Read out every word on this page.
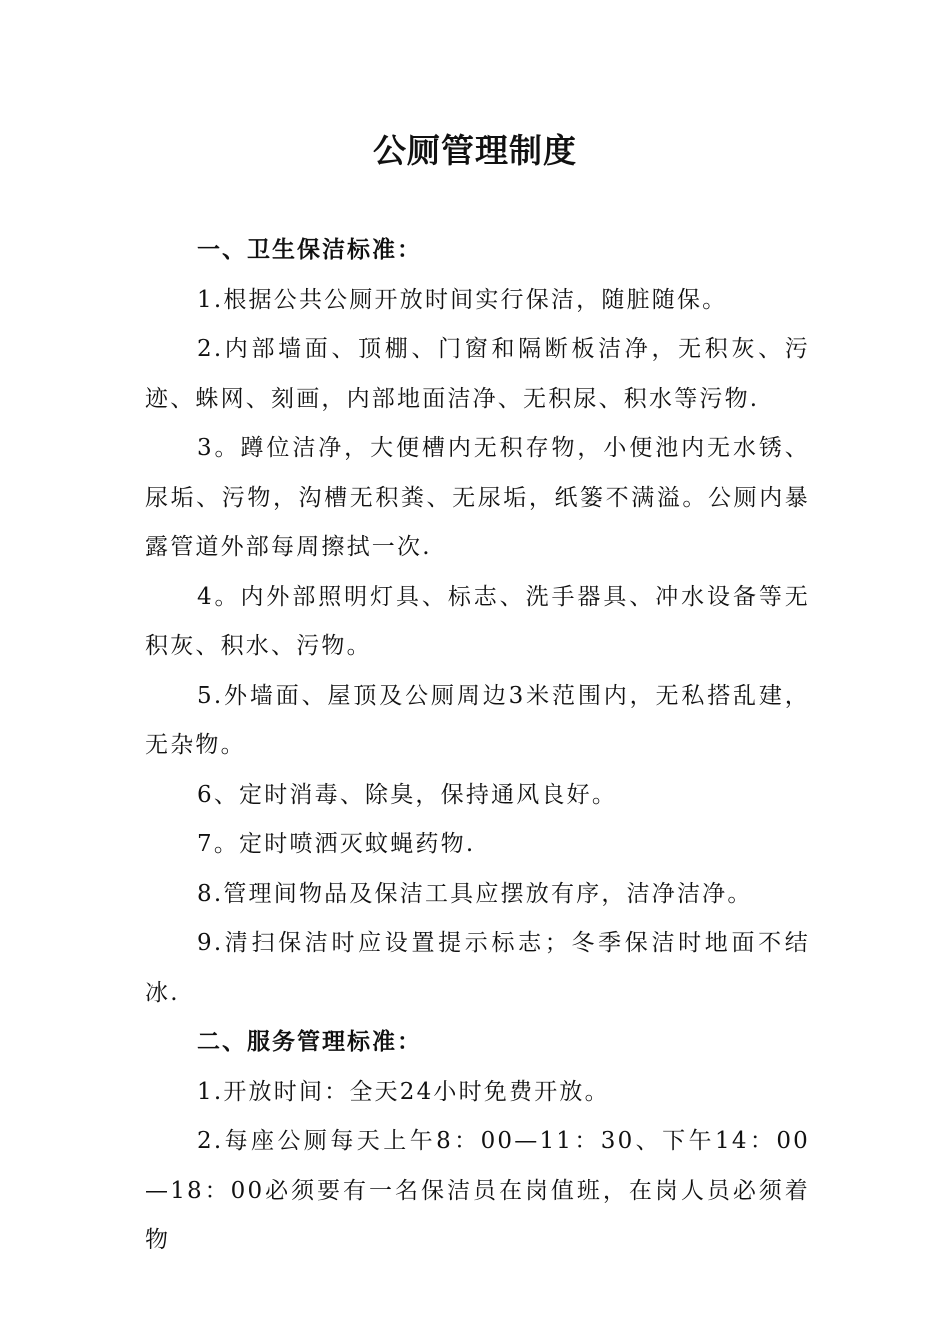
公厕管理制度

一、卫生保洁标准：

1.根据公共公厕开放时间实行保洁，随脏随保。

2.内部墙面、顶棚、门窗和隔断板洁净，无积灰、污迹、蛛网、刻画，内部地面洁净、无积尿、积水等污物.

3。蹲位洁净，大便槽内无积存物，小便池内无水锈、尿垢、污物，沟槽无积粪、无尿垢，纸篓不满溢。公厕内暴露管道外部每周擦拭一次.

4。内外部照明灯具、标志、洗手器具、冲水设备等无积灰、积水、污物。

5.外墙面、屋顶及公厕周边3米范围内，无私搭乱建，无杂物。

6、定时消毒、除臭，保持通风良好。

7。定时喷洒灭蚊蝇药物.

8.管理间物品及保洁工具应摆放有序，洁净洁净。

9.清扫保洁时应设置提示标志；冬季保洁时地面不结冰.

二、服务管理标准：

1.开放时间：全天24小时免费开放。

2.每座公厕每天上午8：00—11：30、下午14：00—18：00必须要有一名保洁员在岗值班，在岗人员必须着物
